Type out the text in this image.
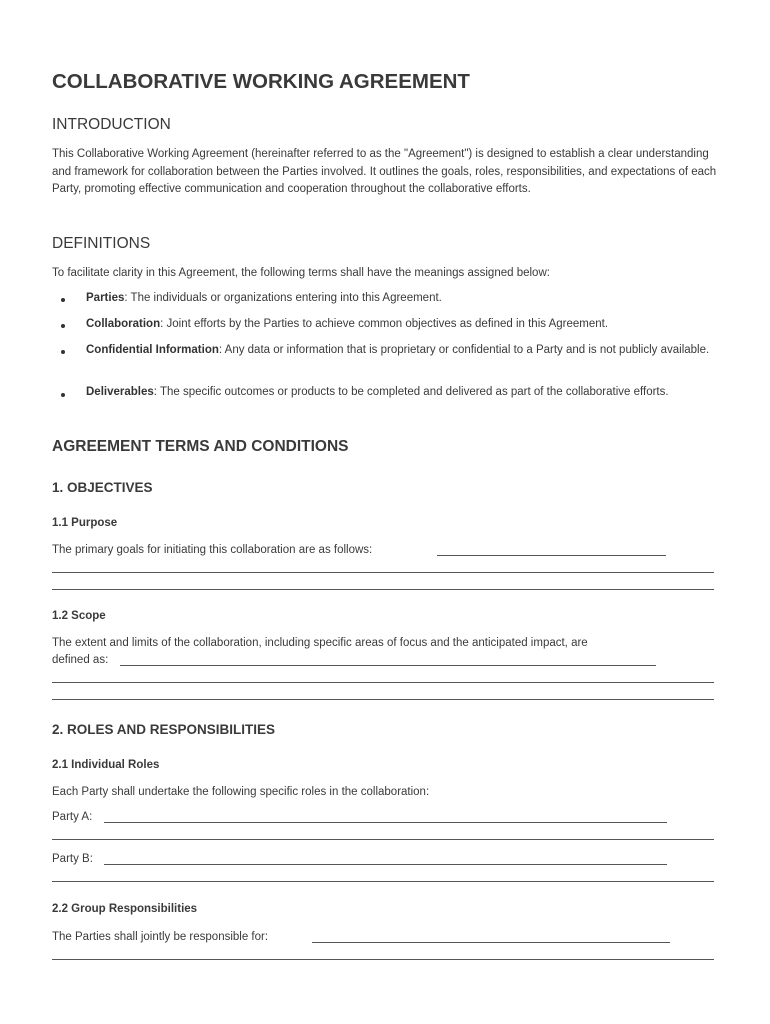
COLLABORATIVE WORKING AGREEMENT
INTRODUCTION
This Collaborative Working Agreement (hereinafter referred to as the "Agreement") is designed to establish a clear understanding and framework for collaboration between the Parties involved. It outlines the goals, roles, responsibilities, and expectations of each Party, promoting effective communication and cooperation throughout the collaborative efforts.
DEFINITIONS
To facilitate clarity in this Agreement, the following terms shall have the meanings assigned below:
Parties: The individuals or organizations entering into this Agreement.
Collaboration: Joint efforts by the Parties to achieve common objectives as defined in this Agreement.
Confidential Information: Any data or information that is proprietary or confidential to a Party and is not publicly available.
Deliverables: The specific outcomes or products to be completed and delivered as part of the collaborative efforts.
AGREEMENT TERMS AND CONDITIONS
1. OBJECTIVES
1.1 Purpose
The primary goals for initiating this collaboration are as follows:
1.2 Scope
The extent and limits of the collaboration, including specific areas of focus and the anticipated impact, are
defined as:
2. ROLES AND RESPONSIBILITIES
2.1 Individual Roles
Each Party shall undertake the following specific roles in the collaboration:
Party A:
Party B:
2.2 Group Responsibilities
The Parties shall jointly be responsible for:
